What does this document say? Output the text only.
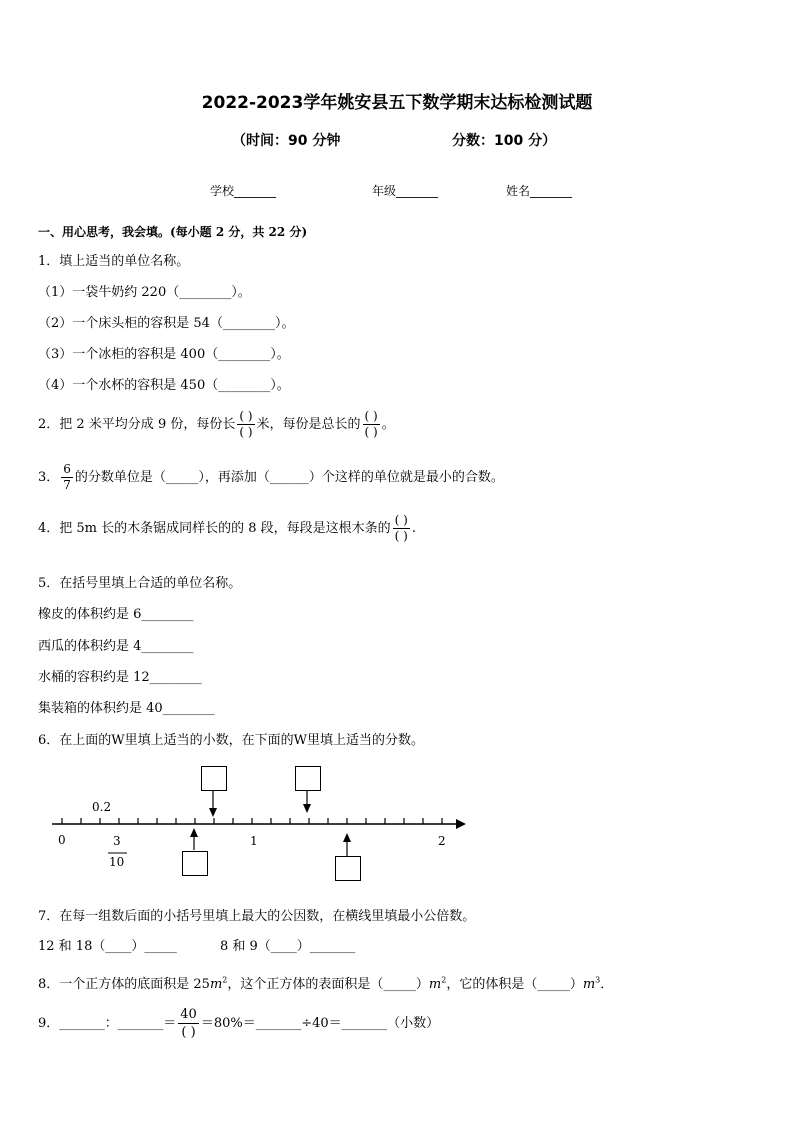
2022-2023学年姚安县五下数学期末达标检测试题
（时间：90 分钟	分数：100 分）
学校_______	年级_______	姓名_______
一、用心思考，我会填。(每小题 2 分，共 22 分)
1．填上适当的单位名称。
（1）一袋牛奶约 220（________）。
（2）一个床头柜的容积是 54（________）。
（3）一个冰柜的容积是 400（________）。
（4）一个水杯的容积是 450（________）。
2．把 2 米平均分成 9 份，每份长 $\frac{( )}{( )}$ 米，每份是总长的 $\frac{( )}{( )}$ 。
3． $\frac{6}{7}$ 的分数单位是（_____），再添加（______）个这样的单位就是最小的合数。
4．把 5m 长的木条锯成同样长的的 8 段，每段是这根木条的 $\frac{( )}{( )}$ .
5．在括号里填上合适的单位名称。
橡皮的体积约是 6________
西瓜的体积约是 4________
水桶的容积约是 12________
集装箱的体积约是 40________
6．在上面的W里填上适当的小数，在下面的W里填上适当的分数。
0
0.2
3
10
1	2
7．在每一组数后面的小括号里填上最大的公因数，在横线里填最小公倍数。
12 和 18（____）_____	8 和 9（____）_______
8．一个正方体的底面积是 $25m^2$，这个正方体的表面积是$(\_\_\_\_\_)m^2$，它的体积是$(\_\_\_\_\_)m^3$．
9．_______：_______＝ $\frac{40}{( )}$ ＝80%＝_______÷40＝_______（小数）
